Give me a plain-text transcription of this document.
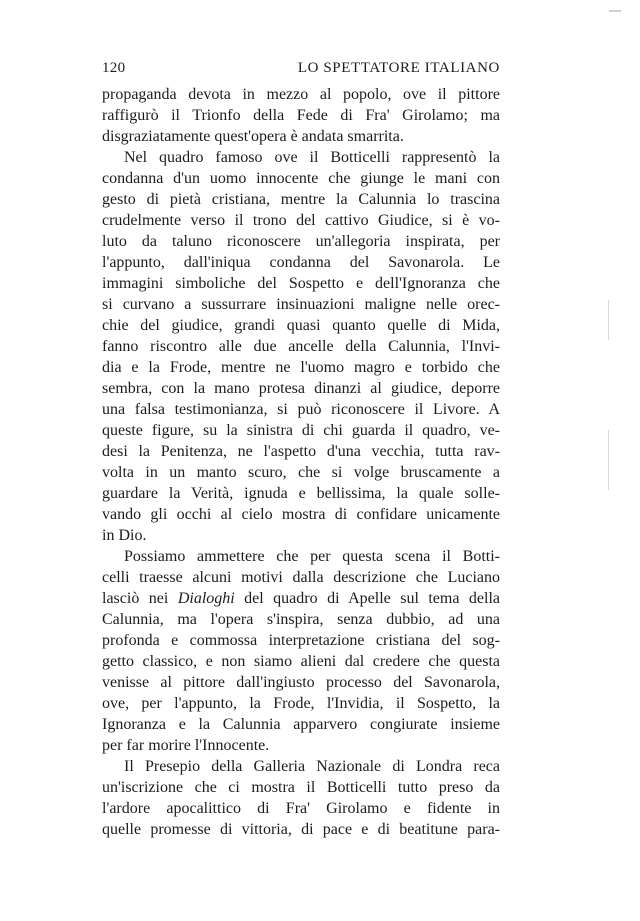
120	LO SPETTATORE ITALIANO
propaganda devota in mezzo al popolo, ove il pittore
raffigurò il Trionfo della Fede di Fra' Girolamo; ma
disgraziatamente quest'opera è andata smarrita.
Nel quadro famoso ove il Botticelli rappresentò la
condanna d'un uomo innocente che giunge le mani con
gesto di pietà cristiana, mentre la Calunnia lo trascina
crudelmente verso il trono del cattivo Giudice, si è vo-
luto da taluno riconoscere un'allegoria inspirata, per
l'appunto, dall'iniqua condanna del Savonarola. Le
immagini simboliche del Sospetto e dell'Ignoranza che
si curvano a sussurrare insinuazioni maligne nelle orec-
chie del giudice, grandi quasi quanto quelle di Mida,
fanno riscontro alle due ancelle della Calunnia, l'Invi-
dia e la Frode, mentre ne l'uomo magro e torbido che
sembra, con la mano protesa dinanzi al giudice, deporre
una falsa testimonianza, si può riconoscere il Livore. A
queste figure, su la sinistra di chi guarda il quadro, ve-
desi la Penitenza, ne l'aspetto d'una vecchia, tutta rav-
volta in un manto scuro, che si volge bruscamente a
guardare la Verità, ignuda e bellissima, la quale solle-
vando gli occhi al cielo mostra di confidare unicamente
in Dio.
Possiamo ammettere che per questa scena il Botti-
celli traesse alcuni motivi dalla descrizione che Luciano
lasciò nei Dialoghi del quadro di Apelle sul tema della
Calunnia, ma l'opera s'inspira, senza dubbio, ad una
profonda e commossa interpretazione cristiana del sog-
getto classico, e non siamo alieni dal credere che questa
venisse al pittore dall'ingiusto processo del Savonarola,
ove, per l'appunto, la Frode, l'Invidia, il Sospetto, la
Ignoranza e la Calunnia apparvero congiurate insieme
per far morire l'Innocente.
Il Presepio della Galleria Nazionale di Londra reca
un'iscrizione che ci mostra il Botticelli tutto preso da
l'ardore apocalittico di Fra' Girolamo e fidente in
quelle promesse di vittoria, di pace e di beatitune para-
